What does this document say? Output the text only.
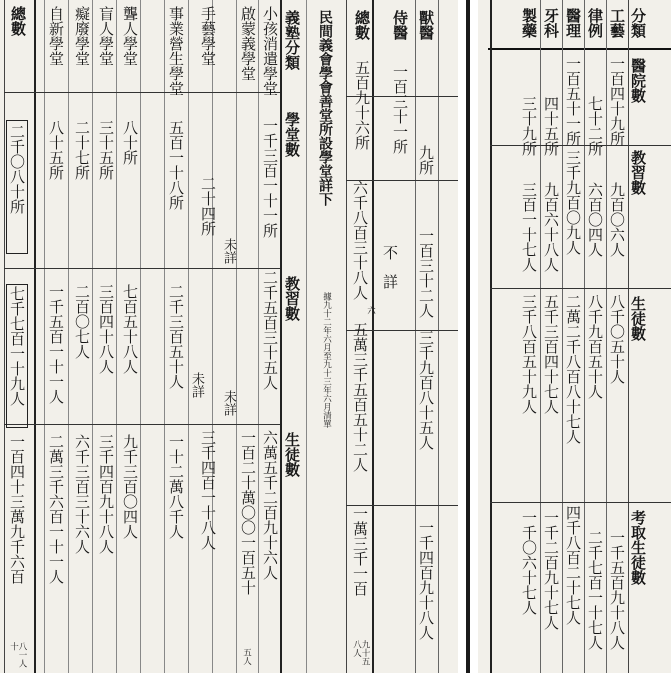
分類
醫院數
教習數
生徒數
考取生徒數
工藝
一百四十九所
九百〇六人
八千〇五十人
一千五百九十八人
律例
七十二所
六百〇四人
八千九百五十人
二千七百一十七人
醫理
一百五十一所
三千九百〇九人
二萬二千八百八十七人
四千八百二十七人
牙科
四十五所
九百六十八人
五千三百四十七人
一千二百九十七人
製藥
三十九所
三百一十七人
三千八百五十九人
一千〇六十七人
獸醫
九所
一百三十二人
三千九百八十五人
一千四百九十八人
侍醫
一百三十一所
不詳
總數
五百九十六所
六千八百三十八人
六
五萬三千五百五十二人
一萬三千一百
九十五八人
民間義會學會善堂所設學堂詳下
據九十二年六月至九十三年六月清單
義塾分類
學堂數
教習數
生徒數
小孩消遣學堂
一千三百一十一所
二千五百三十五人
六萬五千二百九十六人
啟蒙義學堂
未詳
未詳
一百二十萬〇〇一百五十
五人
手藝學堂
二十四所
未詳
三千四百一十八人
事業營生學堂
五百一十八所
二千三百五十人
一十二萬八千人
聾人學堂
八十所
七百五十八人
九千三百〇四人
盲人學堂
三十五所
三百四十八人
三千四百九十八人
癡廢學堂
二十七所
二百〇七人
六千三百三十六人
自新學堂
八十五所
一千五百一十一人
二萬三千六百一十一人
總數
二千〇八十所
七千七百一十九人
一百四十三萬九千六百
八一人十
